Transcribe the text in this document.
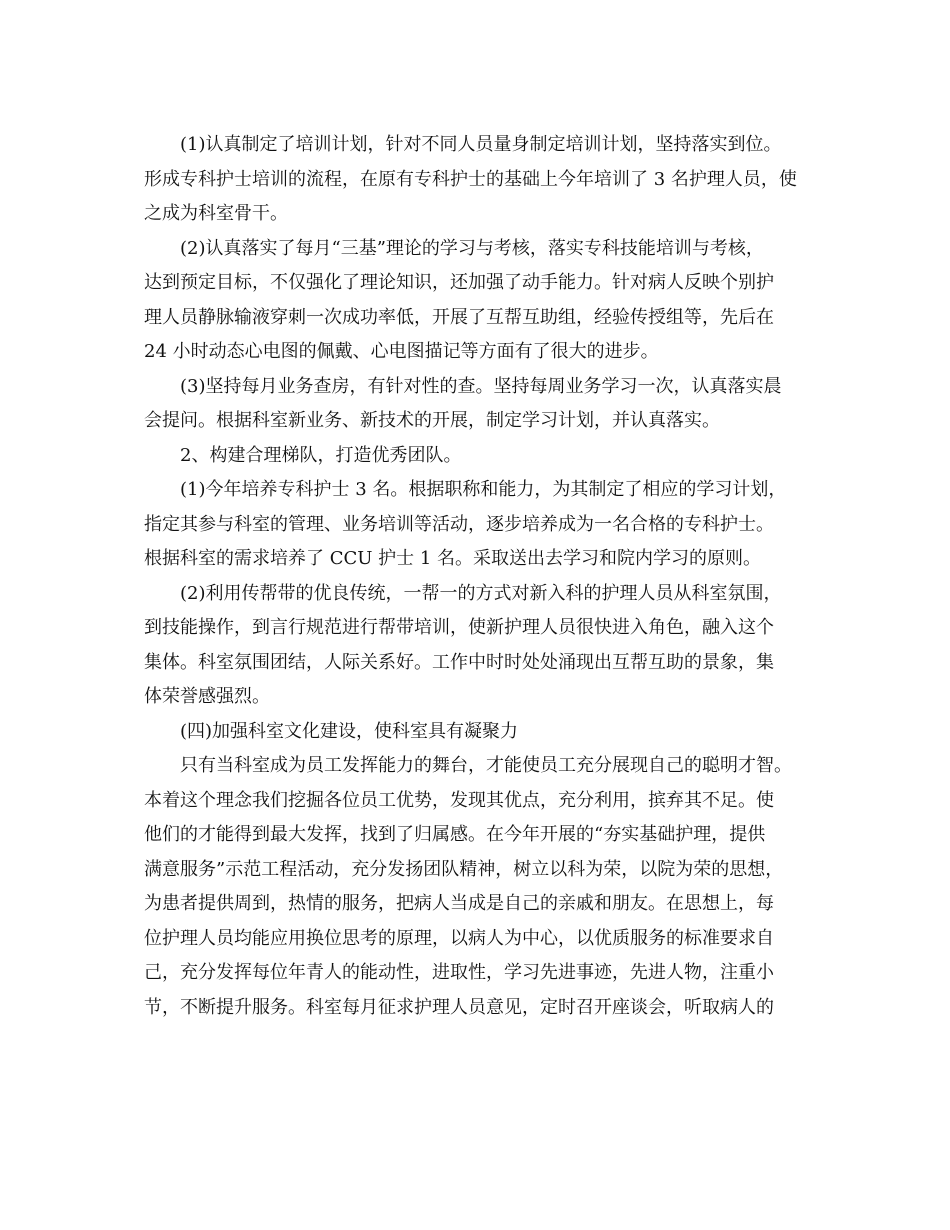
(1)认真制定了培训计划，针对不同人员量身制定培训计划，坚持落实到位。
形成专科护士培训的流程，在原有专科护士的基础上今年培训了 3 名护理人员，使
之成为科室骨干。
(2)认真落实了每月“三基”理论的学习与考核，落实专科技能培训与考核，
达到预定目标，不仅强化了理论知识，还加强了动手能力。针对病人反映个别护
理人员静脉输液穿刺一次成功率低，开展了互帮互助组，经验传授组等，先后在
24 小时动态心电图的佩戴、心电图描记等方面有了很大的进步。
(3)坚持每月业务查房，有针对性的查。坚持每周业务学习一次，认真落实晨
会提问。根据科室新业务、新技术的开展，制定学习计划，并认真落实。
2、构建合理梯队，打造优秀团队。
(1)今年培养专科护士 3 名。根据职称和能力，为其制定了相应的学习计划，
指定其参与科室的管理、业务培训等活动，逐步培养成为一名合格的专科护士。
根据科室的需求培养了 CCU 护士 1 名。采取送出去学习和院内学习的原则。
(2)利用传帮带的优良传统，一帮一的方式对新入科的护理人员从科室氛围，
到技能操作，到言行规范进行帮带培训，使新护理人员很快进入角色，融入这个
集体。科室氛围团结，人际关系好。工作中时时处处涌现出互帮互助的景象，集
体荣誉感强烈。
(四)加强科室文化建设，使科室具有凝聚力
只有当科室成为员工发挥能力的舞台，才能使员工充分展现自己的聪明才智。
本着这个理念我们挖掘各位员工优势，发现其优点，充分利用，摈弃其不足。使
他们的才能得到最大发挥，找到了归属感。在今年开展的“夯实基础护理，提供
满意服务”示范工程活动，充分发扬团队精神，树立以科为荣，以院为荣的思想，
为患者提供周到，热情的服务，把病人当成是自己的亲戚和朋友。在思想上，每
位护理人员均能应用换位思考的原理，以病人为中心，以优质服务的标准要求自
己，充分发挥每位年青人的能动性，进取性，学习先进事迹，先进人物，注重小
节，不断提升服务。科室每月征求护理人员意见，定时召开座谈会，听取病人的
